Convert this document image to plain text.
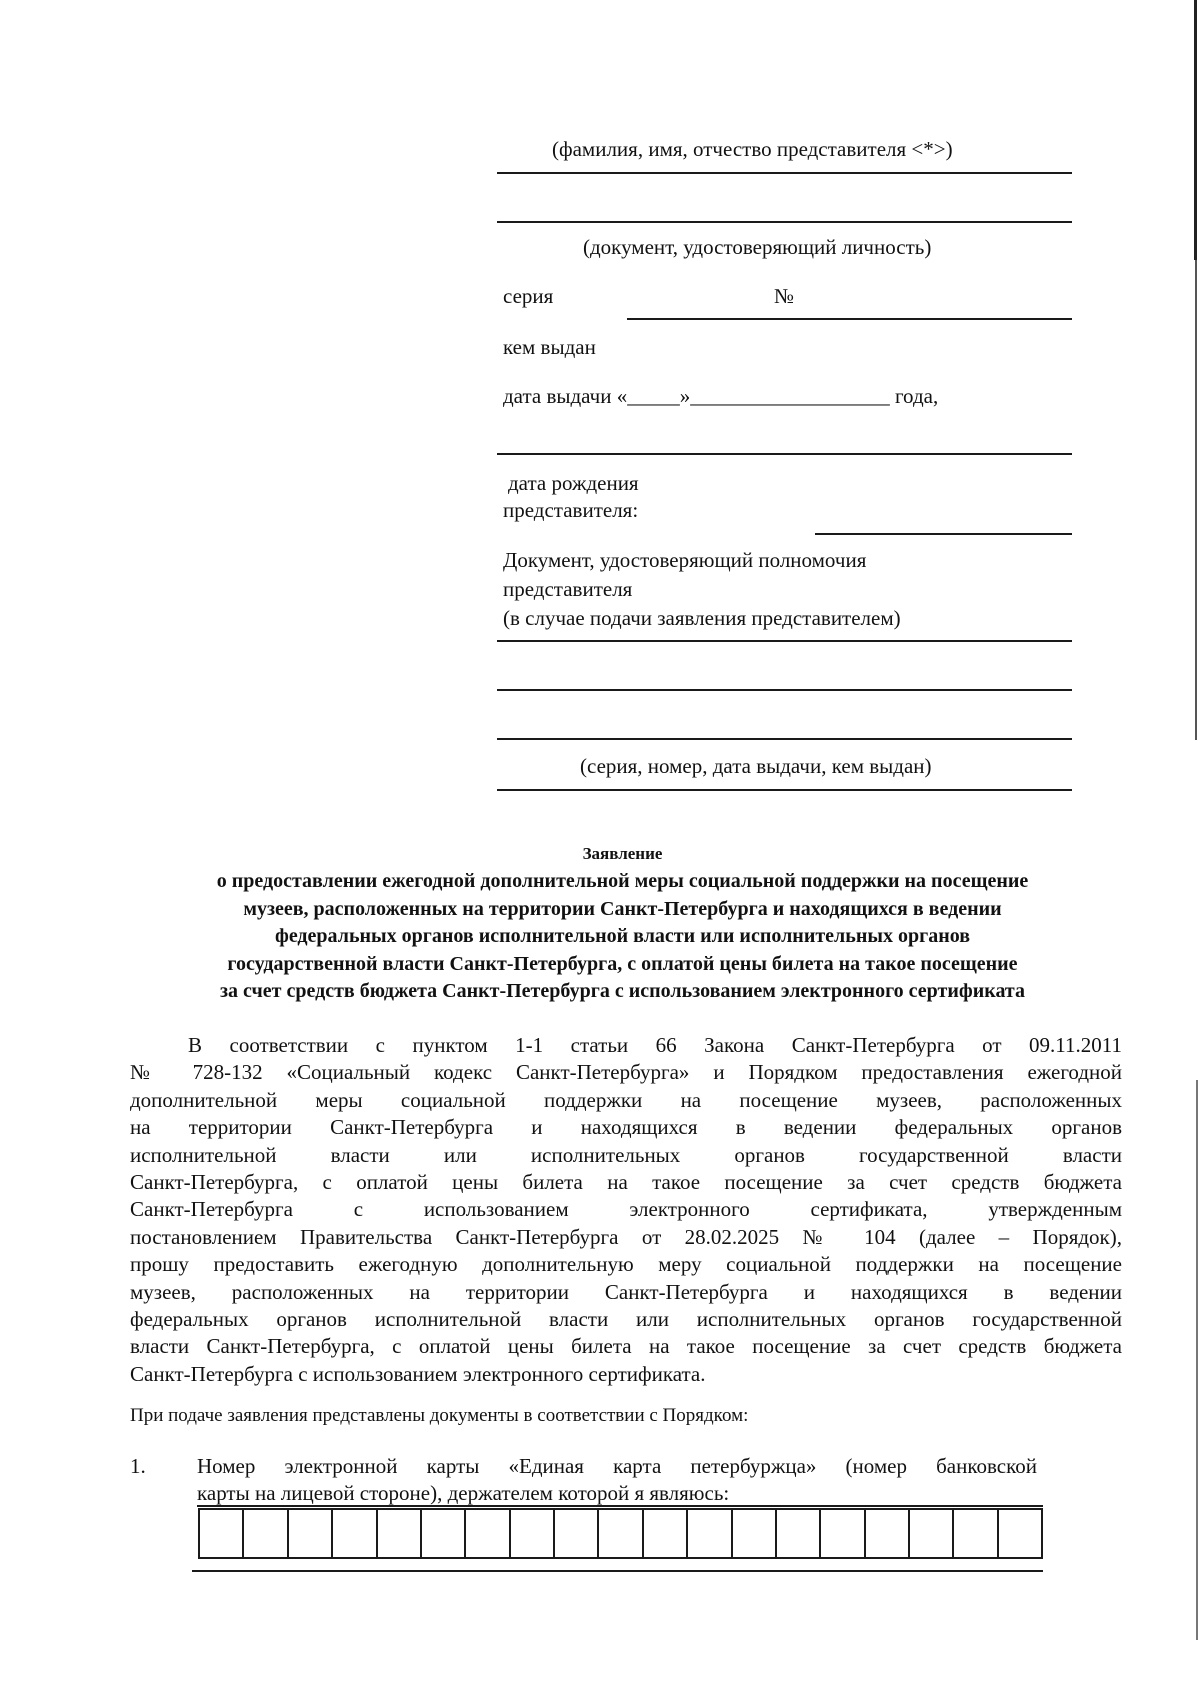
(фамилия, имя, отчество представителя <*>)
(документ, удостоверяющий личность)
серия	№
кем выдан
дата выдачи «_____»___________________ года,
дата рождения
представителя:
Документ, удостоверяющий полномочия
представителя
(в случае подачи заявления представителем)
(серия, номер, дата выдачи, кем выдан)
Заявление
о предоставлении ежегодной дополнительной меры социальной поддержки на посещение
музеев, расположенных на территории Санкт-Петербурга и находящихся в ведении
федеральных органов исполнительной власти или исполнительных органов
государственной власти Санкт-Петербурга, с оплатой цены билета на такое посещение
за счет средств бюджета Санкт-Петербурга с использованием электронного сертификата
В соответствии с пунктом 1-1 статьи 66 Закона Санкт-Петербурга от 09.11.2011
№ 728-132 «Социальный кодекс Санкт-Петербурга» и Порядком предоставления ежегодной
дополнительной меры социальной поддержки на посещение музеев, расположенных
на территории Санкт-Петербурга и находящихся в ведении федеральных органов
исполнительной власти или исполнительных органов государственной власти
Санкт-Петербурга, с оплатой цены билета на такое посещение за счет средств бюджета
Санкт-Петербурга с использованием электронного сертификата, утвержденным
постановлением Правительства Санкт-Петербурга от 28.02.2025 № 104 (далее – Порядок),
прошу предоставить ежегодную дополнительную меру социальной поддержки на посещение
музеев, расположенных на территории Санкт-Петербурга и находящихся в ведении
федеральных органов исполнительной власти или исполнительных органов государственной
власти Санкт-Петербурга, с оплатой цены билета на такое посещение за счет средств бюджета
Санкт-Петербурга с использованием электронного сертификата.
При подаче заявления представлены документы в соответствии с Порядком:
1. Номер электронной карты «Единая карта петербуржца» (номер банковской
карты на лицевой стороне), держателем которой я являюсь:
